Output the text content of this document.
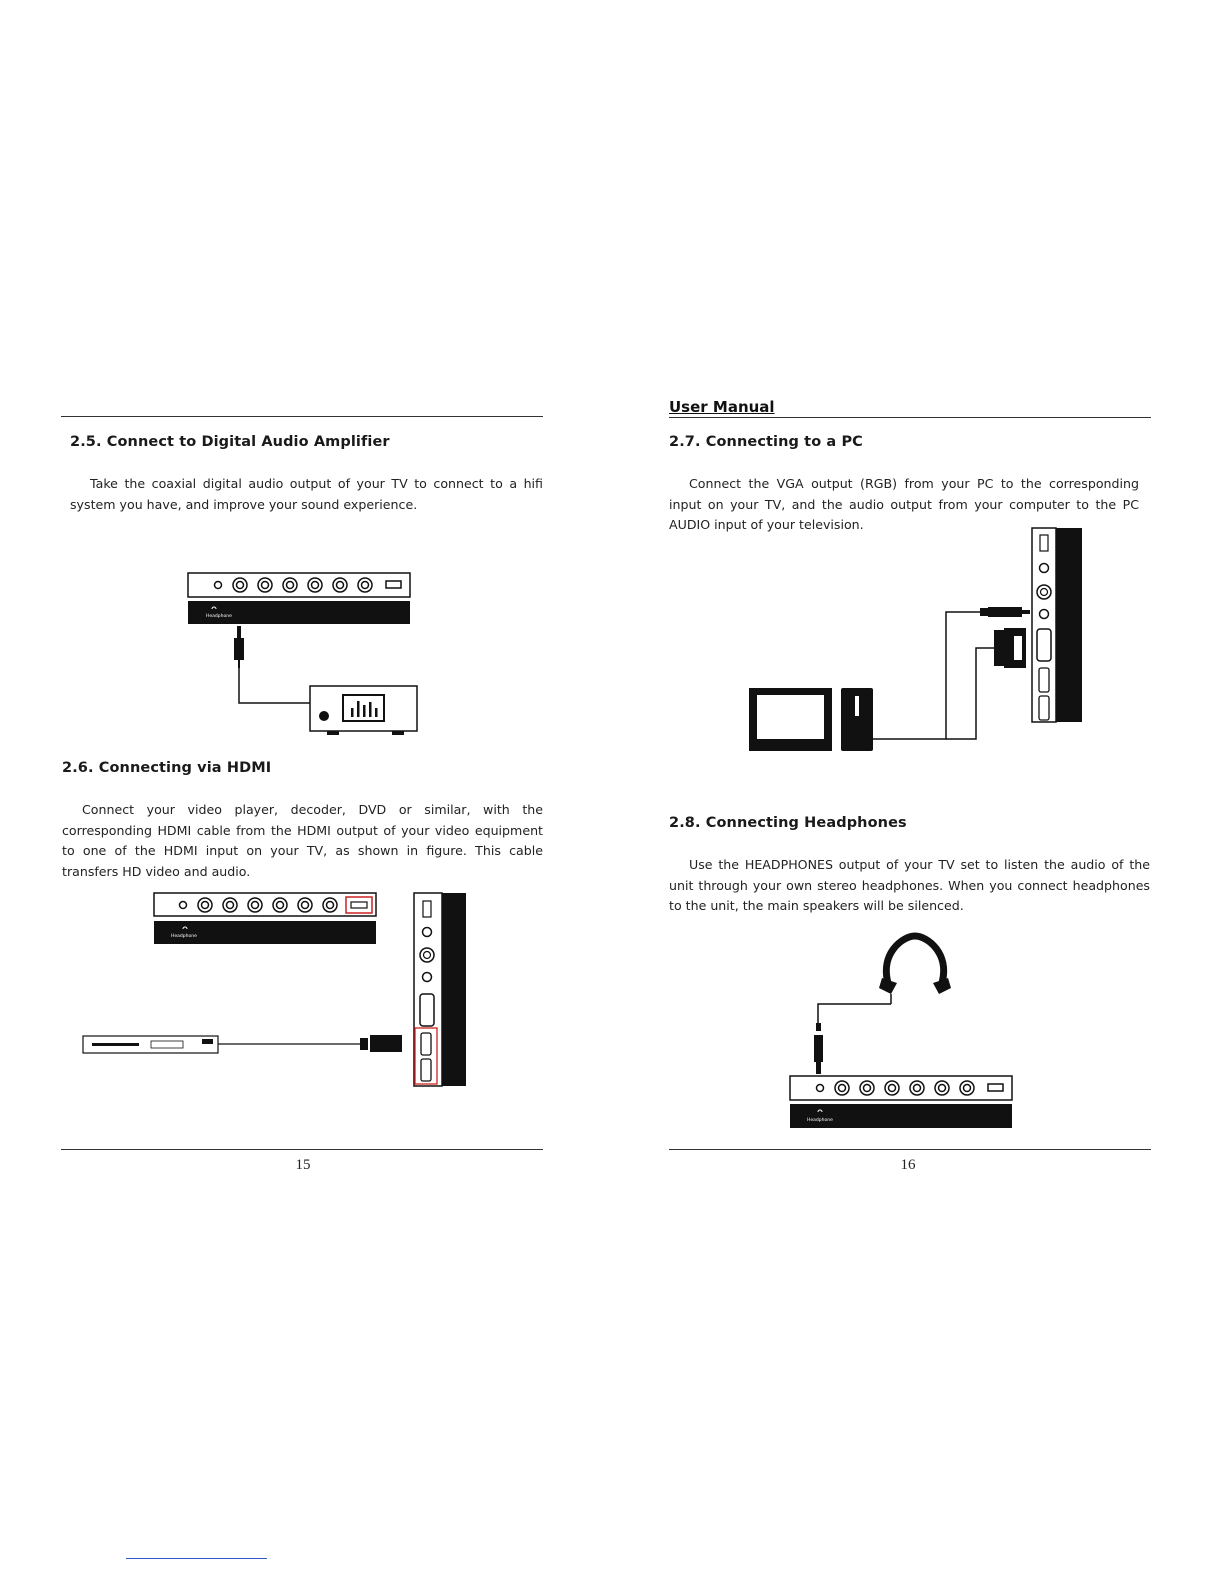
User Manual
2.5. Connect to Digital Audio Amplifier
Take the coaxial digital audio output of your TV to connect to a hifi system you have, and improve your sound experience.
Headphone
2.6. Connecting via HDMI
Connect your video player, decoder, DVD or similar, with the corresponding HDMI cable from the HDMI output of your video equipment to one of the HDMI input on your TV, as shown in figure. This cable transfers HD video and audio.
Headphone
15
2.7. Connecting to a PC
Connect the VGA output (RGB) from your PC to the corresponding input on your TV, and the audio output from your computer to the PC AUDIO input of your television.
2.8. Connecting Headphones
Use the HEADPHONES output of your TV set to listen the audio of the unit through your own stereo headphones. When you connect headphones to the unit, the main speakers will be silenced.
Headphone
16
